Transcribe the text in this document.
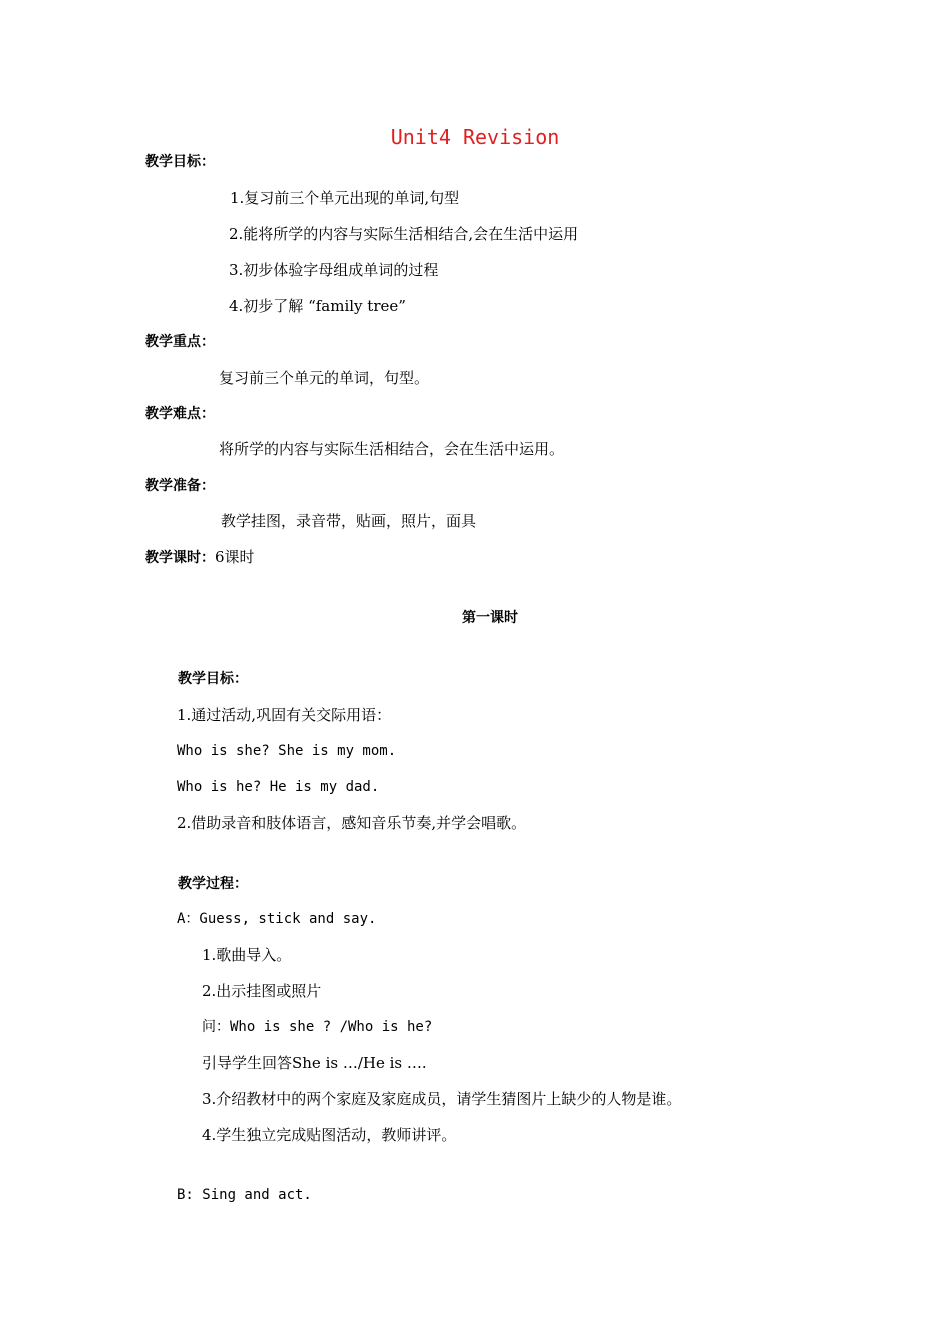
Unit4 Revision
教学目标：
1.复习前三个单元出现的单词,句型
2.能将所学的内容与实际生活相结合,会在生活中运用
3.初步体验字母组成单词的过程
4.初步了解 “family tree”
教学重点：
复习前三个单元的单词，句型。
教学难点：
将所学的内容与实际生活相结合，会在生活中运用。
教学准备：
教学挂图，录音带，贴画，照片，面具
教学课时：6课时
第一课时
教学目标：
1.通过活动,巩固有关交际用语：
Who is she? She is my mom.
Who is he? He is my dad.
2.借助录音和肢体语言，感知音乐节奏,并学会唱歌。
教学过程：
A：Guess, stick and say.
1.歌曲导入。
2.出示挂图或照片
问：Who is she ? /Who is he?
引导学生回答She is …/He is ….
3.介绍教材中的两个家庭及家庭成员，请学生猜图片上缺少的人物是谁。
4.学生独立完成贴图活动，教师讲评。
B: Sing and act.
